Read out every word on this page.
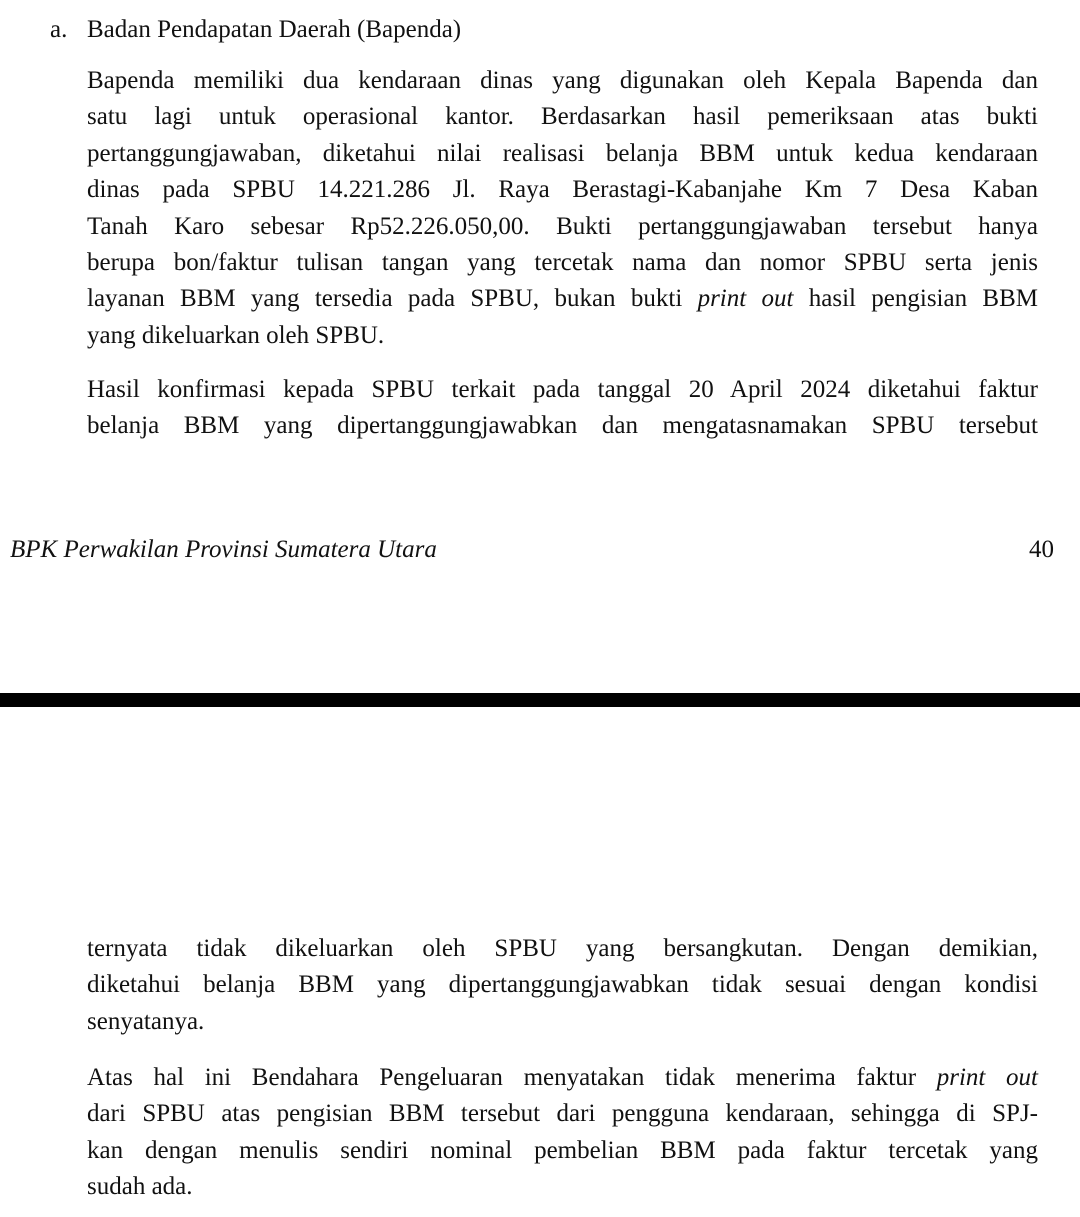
a. Badan Pendapatan Daerah (Bapenda)

Bapenda memiliki dua kendaraan dinas yang digunakan oleh Kepala Bapenda dan
satu lagi untuk operasional kantor. Berdasarkan hasil pemeriksaan atas bukti
pertanggungjawaban, diketahui nilai realisasi belanja BBM untuk kedua kendaraan
dinas pada SPBU 14.221.286 Jl. Raya Berastagi-Kabanjahe Km 7 Desa Kaban
Tanah Karo sebesar Rp52.226.050,00. Bukti pertanggungjawaban tersebut hanya
berupa bon/faktur tulisan tangan yang tercetak nama dan nomor SPBU serta jenis
layanan BBM yang tersedia pada SPBU, bukan bukti print out hasil pengisian BBM
yang dikeluarkan oleh SPBU.

Hasil konfirmasi kepada SPBU terkait pada tanggal 20 April 2024 diketahui faktur
belanja BBM yang dipertanggungjawabkan dan mengatasnamakan SPBU tersebut

BPK Perwakilan Provinsi Sumatera Utara	40

ternyata tidak dikeluarkan oleh SPBU yang bersangkutan. Dengan demikian,
diketahui belanja BBM yang dipertanggungjawabkan tidak sesuai dengan kondisi
senyatanya.

Atas hal ini Bendahara Pengeluaran menyatakan tidak menerima faktur print out
dari SPBU atas pengisian BBM tersebut dari pengguna kendaraan, sehingga di SPJ-
kan dengan menulis sendiri nominal pembelian BBM pada faktur tercetak yang
sudah ada.
